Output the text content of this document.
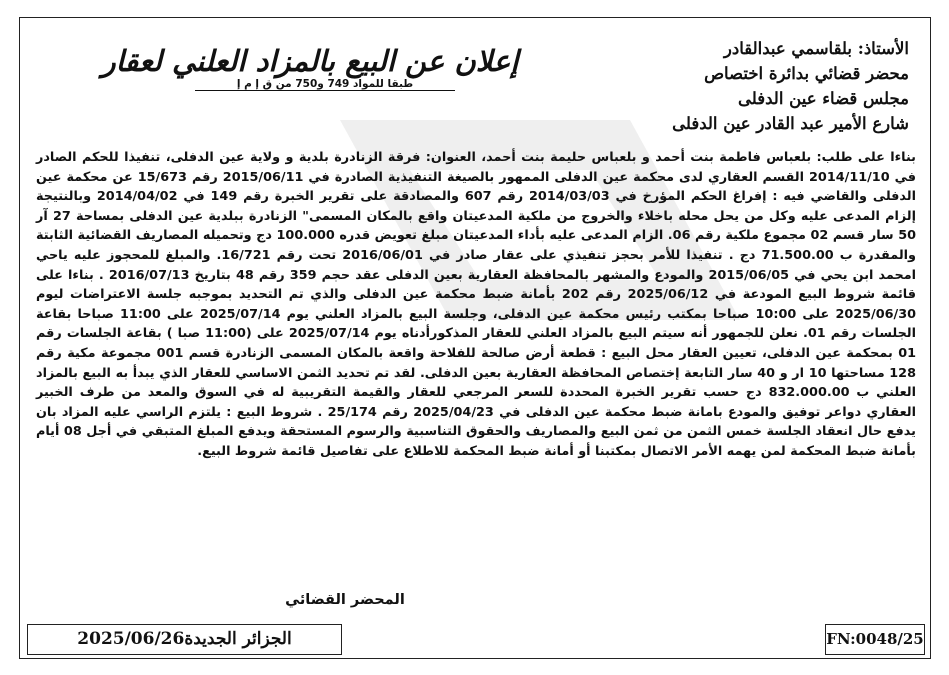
إعلان عن البيع بالمزاد العلني لعقار
طبقا للمواد 749 و750 من ق إ م إ
الأستاذ: بلقاسمي عبدالقادر
محضر قضائي بدائرة اختصاص
مجلس قضاء عين الدفلى
شارع الأمير عبد القادر عين الدفلى
بناءا على طلب: بلعباس فاطمة بنت أحمد و بلعباس حليمة بنت أحمد، العنوان: فرقة الزنادرة بلدية و ولاية عين الدفلى، تنفيذا للحكم الصادر في 2014/11/10 القسم العقاري لدى محكمة عين الدفلى الممهور بالصيغة التنفيذية الصادرة في 2015/06/11 رقم 15/673 عن محكمة عين الدفلى والقاضي فيه : إفراغ الحكم المؤرخ في 2014/03/03 رقم 607 والمصادقة على تقرير الخبرة رقم 149 في 2014/04/02 وبالنتيجة إلزام المدعى عليه وكل من يحل محله باخلاء والخروج من ملكية المدعيتان واقع بالمكان المسمى" الزنادرة ببلدية عين الدفلى بمساحة 27 آر 50 سار قسم 02 مجموع ملكية رقم 06. الزام المدعى عليه بأداء المدعيتان مبلغ تعويض قدره 100.000 دج وتحميله المصاريف القضائية الثابتة والمقدرة ب 71.500.00 دج . تنفيذا للأمر بحجز تنفيذي على عقار صادر في 2016/06/01 تحت رقم 16/721. والمبلغ للمحجوز عليه ياحي امحمد ابن يحي في 2015/06/05 والمودع والمشهر بالمحافظة العقارية بعين الدفلى عقد حجم 359 رقم 48 بتاريخ 2016/07/13 . بناءا على قائمة شروط البيع المودعة في 2025/06/12 رقم 202 بأمانة ضبط محكمة عين الدفلى والذي تم التحديد بموجبه جلسة الاعتراضات ليوم 2025/06/30 على 10:00 صباحا بمكتب رئيس محكمة عين الدفلى، وجلسة البيع بالمزاد العلني يوم 2025/07/14 على 11:00 صباحا بقاعة الجلسات رقم 01. نعلن للجمهور أنه سيتم البيع بالمزاد العلني للعقار المذكورأدناه يوم 2025/07/14 على (11:00 صبا ) بقاعة الجلسات رقم 01 بمحكمة عين الدفلى، تعيين العقار محل البيع : قطعة أرض صالحة للفلاحة واقعة بالمكان المسمى الزنادرة قسم 001 مجموعة مكية رقم 128 مساحتها 10 ار و 40 سار التابعة إختصاص المحافظة العقارية بعين الدفلى. لقد تم تحديد الثمن الاساسي للعقار الذي يبدأ به البيع بالمزاد العلني ب 832.000.00 دج حسب تقرير الخبرة المحددة للسعر المرجعي للعقار والقيمة التقريبية له في السوق والمعد من طرف الخبير العقاري دواعر توفيق والمودع بامانة ضبط محكمة عين الدفلى في 2025/04/23 رقم 25/174 . شروط البيع : يلتزم الراسي عليه المزاد بان يدفع حال انعقاد الجلسة خمس الثمن من ثمن البيع والمصاريف والحقوق التناسبية والرسوم المستحقة ويدفع المبلغ المتبقي في أجل 08 أيام بأمانة ضبط المحكمة لمن يهمه الأمر الاتصال بمكتبنا أو أمانة ضبط المحكمة للاطلاع على تفاصيل قائمة شروط البيع.
المحضر القضائي
الجزائر الجديدة2025/06/26	FN:0048/25
